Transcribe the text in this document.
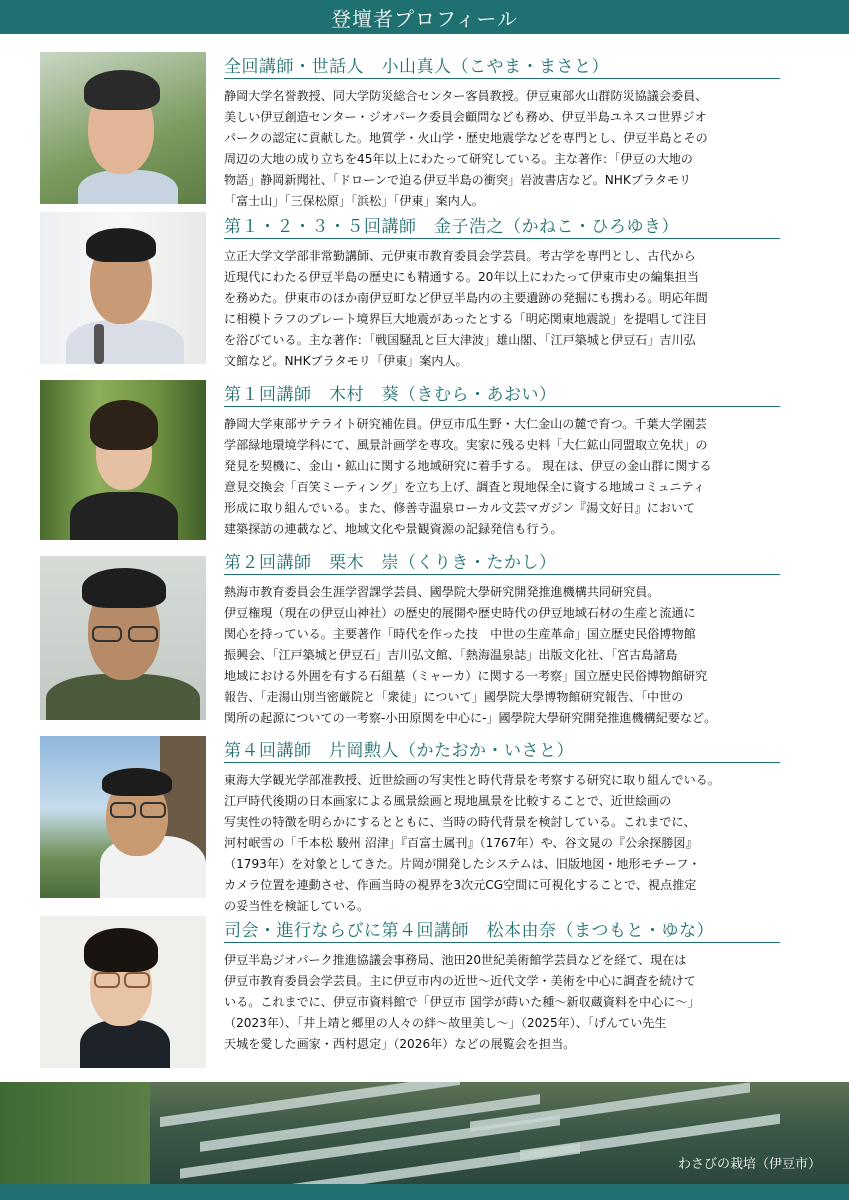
登壇者プロフィール
全回講師・世話人　小山真人（こやま・まさと）
静岡大学名誉教授、同大学防災総合センター客員教授。伊豆東部火山群防災協議会委員、
美しい伊豆創造センター・ジオパーク委員会顧問なども務め、伊豆半島ユネスコ世界ジオ
パークの認定に貢献した。地質学・火山学・歴史地震学などを専門とし、伊豆半島とその
周辺の大地の成り立ちを45年以上にわたって研究している。主な著作：「伊豆の大地の
物語」静岡新聞社、「ドローンで迫る伊豆半島の衝突」岩波書店など。NHKブラタモリ
「富士山」「三保松原」「浜松」「伊東」案内人。
第１・２・３・５回講師　金子浩之（かねこ・ひろゆき）
立正大学文学部非常勤講師、元伊東市教育委員会学芸員。考古学を専門とし、古代から
近現代にわたる伊豆半島の歴史にも精通する。20年以上にわたって伊東市史の編集担当
を務めた。伊東市のほか南伊豆町など伊豆半島内の主要遺跡の発掘にも携わる。明応年間
に相模トラフのプレート境界巨大地震があったとする「明応関東地震説」を提唱して注目
を浴びている。主な著作：「戦国騒乱と巨大津波」雄山閣、「江戸築城と伊豆石」吉川弘
文館など。NHKブラタモリ「伊東」案内人。
第１回講師　木村　葵（きむら・あおい）
静岡大学東部サテライト研究補佐員。伊豆市瓜生野・大仁金山の麓で育つ。千葉大学園芸
学部緑地環境学科にて、風景計画学を専攻。実家に残る史料「大仁鉱山同盟取立免状」の
発見を契機に、金山・鉱山に関する地域研究に着手する。 現在は、伊豆の金山群に関する
意見交換会「百笑ミーティング」を立ち上げ、調査と現地保全に資する地域コミュニティ
形成に取り組んでいる。また、修善寺温泉ローカル文芸マガジン『湯文好日』において
建築探訪の連載など、地域文化や景観資源の記録発信も行う。
第２回講師　栗木　崇（くりき・たかし）
熱海市教育委員会生涯学習課学芸員、國學院大學研究開発推進機構共同研究員。
伊豆権現（現在の伊豆山神社）の歴史的展開や歴史時代の伊豆地域石材の生産と流通に
関心を持っている。主要著作「時代を作った技　中世の生産革命」国立歴史民俗博物館
振興会、「江戸築城と伊豆石」吉川弘文館、「熱海温泉誌」出版文化社、「宮古島諸島
地域における外囲を有する石組墓（ミャーカ）に関する一考察」国立歴史民俗博物館研究
報告、「走湯山別当密厳院と「衆徒」について」國學院大學博物館研究報告、「中世の
関所の起源についての一考察-小田原関を中心に-」國學院大學研究開発推進機構紀要など。
第４回講師　片岡勲人（かたおか・いさと）
東海大学観光学部准教授、近世絵画の写実性と時代背景を考察する研究に取り組んでいる。
江戸時代後期の日本画家による風景絵画と現地風景を比較することで、近世絵画の
写実性の特徴を明らかにするとともに、当時の時代背景を検討している。これまでに、
河村岷雪の「千本松 駿州 沼津」『百富士属刊』（1767年）や、谷文晁の『公余探勝図』
（1793年）を対象としてきた。片岡が開発したシステムは、旧版地図・地形モチーフ・
カメラ位置を連動させ、作画当時の視界を3次元CG空間に可視化することで、視点推定
の妥当性を検証している。
司会・進行ならびに第４回講師　松本由奈（まつもと・ゆな）
伊豆半島ジオパーク推進協議会事務局、池田20世紀美術館学芸員などを経て、現在は
伊豆市教育委員会学芸員。主に伊豆市内の近世～近代文学・美術を中心に調査を続けて
いる。これまでに、伊豆市資料館で「伊豆市 国学が蒔いた種～新収蔵資料を中心に～」
（2023年）、「井上靖と郷里の人々の絆～故里美し～」（2025年）、「げんてい先生
天城を愛した画家・西村恩定」（2026年）などの展覧会を担当。
わさびの栽培（伊豆市）
